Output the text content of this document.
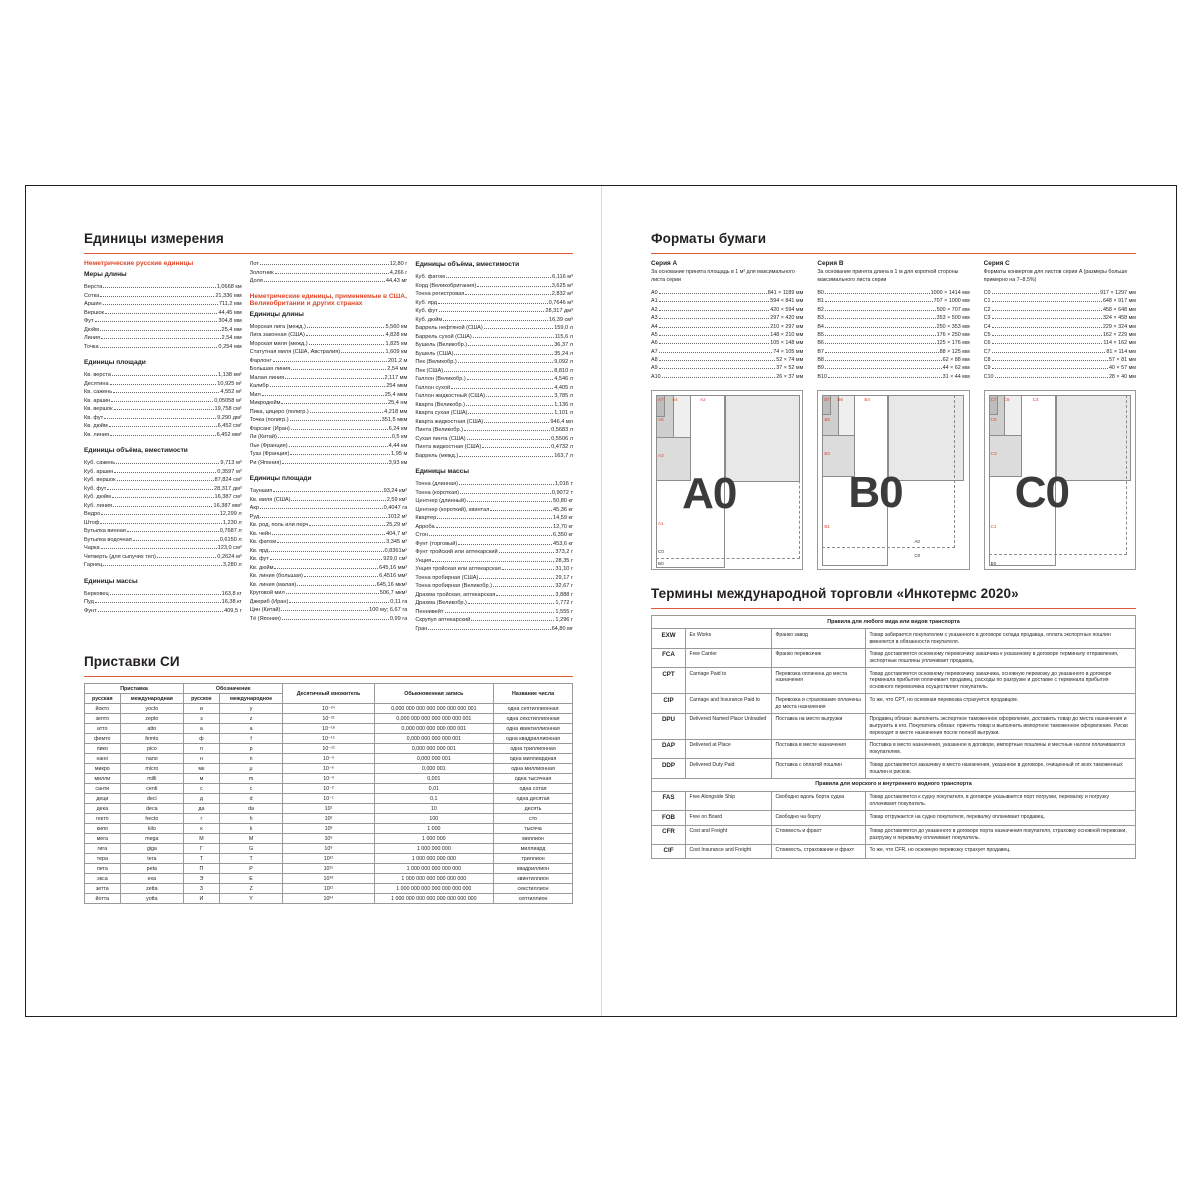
Единицы измерения
Неметрические русские единицы
Меры длины
Верста	1,0668 км
Сотка	21,336 мм
Аршин	711,2 мм
Вершок	44,45 мм
Фут	304,8 мм
Дюйм	25,4 мм
Линия	2,54 мм
Точка	0,254 мм
Единицы площади
Кв. верста	1,138 км²
Десятина	10,925 м²
Кв. сажень	4,552 м²
Кв. аршин	0,05058 м²
Кв. вершок	19,758 см²
Кв. фут	9,290 дм²
Кв. дюйм	6,452 см²
Кв. линия	6,452 мм²
Единицы объёма, вместимости
Куб. сажень	9,713 м³
Куб. аршин	0,3597 м³
Куб. вершок	87,824 см³
Куб. фут	28,317 дм³
Куб. дюйм	16,387 см³
Куб. линия	16,387 мм³
Ведро	12,299 л
Штоф	1,230 л
Бутылка винная	0,7687 л
Бутылка водочная	0,6150 л
Чарка	123,0 см³
Четверть (для сыпучих тел)	0,2624 м³
Гарнец	3,280 л
Единицы массы
Берковец	163,8 кг
Пуд	16,38 кг
Фунт	409,5 г
Лот	12,80 г
Золотник	4,266 г
Доля	44,43 мг
Неметрические единицы, применяемые в США, Великобритании и других странах
Единицы длины
Морская лига (межд.)	5,560 км
Лига законная (США)	4,828 км
Морская миля (межд.)	1,825 км
Статутная миля (США, Австралия)	1,609 км
Фарлонг	201,2 м
Большая линия	2,54 мм
Малая линия	2,117 мм
Калибр	254 мкм
Мил	25,4 мкм
Микродюйм	25,4 нм
Пика, цицеро (полигр.)	4,218 мм
Точка (полигр.)	351,5 мкм
Фарсанг (Иран)	6,24 км
Ли (Китай)	0,5 км
Лье (Франция)	4,44 км
Туаз (Франция)	1,95 м
Ри (Япония)	3,93 км
Единицы площади
Тауншип	93,24 км²
Кв. миля (США)	2,59 км²
Акр	0,4047 га
Руд	1012 м²
Кв. род, поль или перч	25,29 м²
Кв. чейн	404,7 м²
Кв. фатом	3,345 м²
Кв. ярд	0,8361м²
Кв. фут	929,0 см²
Кв. дюйм	645,16 мм²
Кв. линия (большая)	6,4516 мм²
Кв. линия (малая)	645,16 мкм²
Круговой мил	506,7 мкм²
Джериб (Иран)	0,11 га
Цин (Китай)	100 му; 6,67 га
Тё (Япония)	0,99 га
Единицы объёма, вместимости
Куб. фатом	6,116 м³
Корд (Великобритания)	3,625 м³
Тонна регистровая	2,832 м³
Куб. ярд	0,7646 м³
Куб. фут	28,317 дм³
Куб. дюйм	16,39 см³
Баррель нефтяной (США)	159,0 л
Баррель сухой (США)	115,6 л
Бушель (Великобр.)	36,37 л
Бушель (США)	35,24 л
Пек (Великобр.)	9,092 л
Пек (США)	8,810 л
Галлон (Великобр.)	4,546 л
Галлон сухой	4,405 л
Галлон жидкостный (США)	3,785 л
Кварта (Великобр.)	1,136 л
Кварта сухая (США)	1,101 л
Кварта жидкостная (США)	946,4 мл
Пинта (Великобр.)	0,5683 л
Сухая пинта (США)	0,5506 л
Пинта жидкостная (США)	0,4732 л
Баррель (межд.)	163,7 л
Единицы массы
Тонна (длинная)	1,016 т
Тонна (короткая)	0,9072 т
Центнер (длинный)	50,80 кг
Центнер (короткий), квинтал	45,36 кг
Квартер	14,59 кг
Арроба	12,70 кг
Стон	6,350 кг
Фунт (торговый)	453,6 кг
Фунт тройский или аптекарский	373,2 г
Унция	28,35 г
Унция тройская или аптекарская	31,10 г
Тонна пробирная (США)	29,17 г
Тонна пробирная (Великобр.)	32,67 г
Драхма тройская, аптекарская	3,888 г
Драхма (Великобр.)	1,772 г
Пеннивейт	1,555 г
Скрупул аптекарский	1,296 г
Гран	64,80 мг
Приставки СИ
Приставка		Обозначение		Десятичный множитель	Обыкновенная запись	Название числа
русская	международная	русское	международное			
йокто	yocto	и	y	10⁻²⁴	0,000 000 000 000 000 000 000 001	одна септиллионная
зепто	zepto	з	z	10⁻²¹	0,000 000 000 000 000 000 001	одна секстиллионная
атто	atto	а	a	10⁻¹⁸	0,000 000 000 000 000 001	одна квинтиллионная
фемто	femto	ф	f	10⁻¹⁵	0,000 000 000 000 001	одна квадриллионная
пико	pico	п	p	10⁻¹²	0,000 000 000 001	одна триллионная
нано	nano	н	n	10⁻⁹	0,000 000 001	одна миллиардная
микро	micro	мк	μ	10⁻⁶	0,000 001	одна миллионная
милли	milli	м	m	10⁻³	0,001	одна тысячная
санти	centi	с	c	10⁻²	0,01	одна сотая
деци	deci	д	d	10⁻¹	0,1	одна десятая
дека	deca	да	da	10¹	10	десять
гекто	hecto	г	h	10²	100	сто
кило	kilo	к	k	10³	1 000	тысяча
мега	mega	М	M	10⁶	1 000 000	миллион
гига	giga	Г	G	10⁹	1 000 000 000	миллиард
тера	tera	Т	T	10¹²	1 000 000 000 000	триллион
пета	peta	П	P	10¹⁵	1 000 000 000 000 000	квадриллион
экса	exa	Э	E	10¹⁸	1 000 000 000 000 000 000	квинтиллион
зетта	zetta	З	Z	10²¹	1 000 000 000 000 000 000 000	секстиллион
йотта	yotta	И	Y	10²⁴	1 000 000 000 000 000 000 000 000	септиллион
Форматы бумаги
Серия A
За основание принята площадь в 1 м² для максимального листа серии
A0	841 × 1189 мм
A1	594 × 841 мм
A2	420 × 594 мм
A3	297 × 420 мм
A4	210 × 297 мм
A5	148 × 210 мм
A6	105 × 148 мм
A7	74 × 105 мм
A8	52 × 74 мм
A9	37 × 52 мм
A10	26 × 37 мм
Серия B
За основание принята длина в 1 м для короткой стороны максимального листа серии
B0	1000 × 1414 мм
B1	707 × 1000 мм
B2	500 × 707 мм
B3	353 × 500 мм
B4	250 × 353 мм
B5	176 × 250 мм
B6	125 × 176 мм
B7	88 × 125 мм
B8	62 × 88 мм
B9	44 × 62 мм
B10	31 × 44 мм
Серия C
Форматы конвертов для листов серии A (размеры больше примерно на 7–8,5%)
C0	917 × 1297 мм
C1	648 × 917 мм
C2	458 × 648 мм
C3	324 × 458 мм
C4	229 × 324 мм
C5	162 × 229 мм
C6	114 × 162 мм
C7	81 × 114 мм
C8	57 × 81 мм
C9	40 × 57 мм
C10	28 × 40 мм
A0
A7 A4	A2
A5
A3
A1
C0
B0
B0
B7 B6	B4
B5
B3
B1
A0
C0
C0
C7 C6	C4
C5
C3
C1
B0
Термины международной торговли «Инкотермс 2020»
Правила для любого вида или видов транспорта			
EXW	Ex Works	Франко завод	Товар забирается покупателем с указанного в договоре склада продавца, оплата экспортных пошлин вменяется в обязанности покупателя.
FCA	Free Carrier	Франко перевозчик	Товар доставляется основному перевозчику заказчика к указанному в договоре терминалу отправления, экспортные пошлины уплачивает продавец.
CPT	Carriage Paid to	Перевозка оплачена до места назначения	Товар доставляется основному перевозчику заказчика, основную перевозку до указанного в договоре терминала прибытия оплачивает продавец, расходы по разгрузке и доставке с терминала прибытия основного перевозчика осуществляет покупатель.
CIP	Carriage and Insurance Paid to	Перевозка и страхование оплачены до места назначения	То же, что CPT, но основная перевозка страхуется продавцом.
DPU	Delivered Named Place Unloaded	Поставка на место выгрузки	Продавец обязан: выполнить экспортное таможенное оформление, доставить товар до места назначения и выгрузить в его. Покупатель обязан: принять товар и выполнить импортное таможенное оформление. Риски переходят в месте назначения после полной выгрузки.
DAP	Delivered at Place	Поставка в месте назначения	Поставка в место назначения, указанное в договоре, импортные пошлины и местные налоги оплачиваются покупателем.
DDP	Delivered Duty Paid	Поставка с оплатой пошлин	Товар доставляется заказчику в место назначения, указанное в договоре, очищенный от всех таможенных пошлин и рисков.
Правила для морского и внутреннего водного транспорта			
FAS	Free Alongside Ship	Свободно вдоль борта судна	Товар доставляется к судну покупателя, в договоре указывается порт погрузки, перевалку и погрузку оплачивает покупатель.
FOB	Free on Board	Свободно на борту	Товар отгружается на судно покупателя, перевалку оплачивает продавец.
CFR	Cost and Freight	Стоимость и фрахт	Товар доставляется до указанного в договоре порта назначения покупателя, страховку основной перевозки, разгрузку и перевалку оплачивает покупатель.
CIF	Cost Insurance and Freight	Стоимость, страхование и фрахт	То же, что CFR, но основную перевозку страхует продавец.
